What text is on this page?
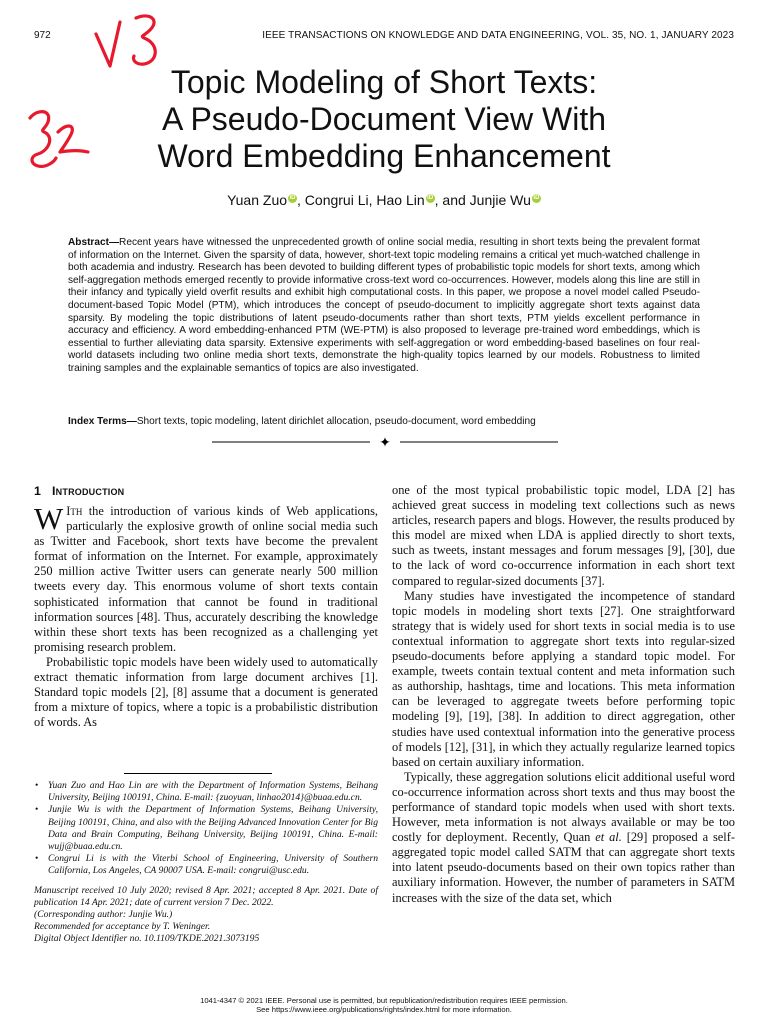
972	IEEE TRANSACTIONS ON KNOWLEDGE AND DATA ENGINEERING, VOL. 35, NO. 1, JANUARY 2023
Topic Modeling of Short Texts:
A Pseudo-Document View With
Word Embedding Enhancement
Yuan Zuo iD , Congrui Li, Hao Lin iD , and Junjie Wu iD

Abstract—Recent years have witnessed the unprecedented growth of online social media, resulting in short texts being the prevalent format of information on the Internet. Given the sparsity of data, however, short-text topic modeling remains a critical yet much-watched challenge in both academia and industry. Research has been devoted to building different types of probabilistic topic models for short texts, among which self-aggregation methods emerged recently to provide informative cross-text word co-occurrences. However, models along this line are still in their infancy and typically yield overfit results and exhibit high computational costs. In this paper, we propose a novel model called Pseudo-document-based Topic Model (PTM), which introduces the concept of pseudo-document to implicitly aggregate short texts against data sparsity. By modeling the topic distributions of latent pseudo-documents rather than short texts, PTM yields excellent performance in accuracy and efficiency. A word embedding-enhanced PTM (WE-PTM) is also proposed to leverage pre-trained word embeddings, which is essential to further alleviating data sparsity. Extensive experiments with self-aggregation or word embedding-based baselines on four real-world datasets including two online media short texts, demonstrate the high-quality topics learned by our models. Robustness to limited training samples and the explainable semantics of topics are also investigated.

Index Terms—Short texts, topic modeling, latent dirichlet allocation, pseudo-document, word embedding

✦
1 Introduction

W Ith the introduction of various kinds of Web applications, particularly the explosive growth of online social media such as Twitter and Facebook, short texts have become the prevalent format of information on the Internet. For example, approximately 250 million active Twitter users can generate nearly 500 million tweets every day. This enormous volume of short texts contain sophisticated information that cannot be found in traditional information sources [48]. Thus, accurately describing the knowledge within these short texts has been recognized as a challenging yet promising research problem.

Probabilistic topic models have been widely used to automatically extract thematic information from large document archives [1]. Standard topic models [2], [8] assume that a document is generated from a mixture of topics, where a topic is a probabilistic distribution of words. As

• Yuan Zuo and Hao Lin are with the Department of Information Systems, Beihang University, Beijing 100191, China. E-mail: {zuoyuan, linhao2014}@buaa.edu.cn.
• Junjie Wu is with the Department of Information Systems, Beihang University, Beijing 100191, China, and also with the Beijing Advanced Innovation Center for Big Data and Brain Computing, Beihang University, Beijing 100191, China. E-mail: wujj@buaa.edu.cn.
• Congrui Li is with the Viterbi School of Engineering, University of Southern California, Los Angeles, CA 90007 USA. E-mail: congrui@usc.edu.
Manuscript received 10 July 2020; revised 8 Apr. 2021; accepted 8 Apr. 2021. Date of publication 14 Apr. 2021; date of current version 7 Dec. 2022.
(Corresponding author: Junjie Wu.)
Recommended for acceptance by T. Weninger.
Digital Object Identifier no. 10.1109/TKDE.2021.3073195

one of the most typical probabilistic topic model, LDA [2] has achieved great success in modeling text collections such as news articles, research papers and blogs. However, the results produced by this model are mixed when LDA is applied directly to short texts, such as tweets, instant messages and forum messages [9], [30], due to the lack of word co-occurrence information in each short text compared to regular-sized documents [37].

Many studies have investigated the incompetence of standard topic models in modeling short texts [27]. One straightforward strategy that is widely used for short texts in social media is to use contextual information to aggregate short texts into regular-sized pseudo-documents before applying a standard topic model. For example, tweets contain textual content and meta information such as authorship, hashtags, time and locations. This meta information can be leveraged to aggregate tweets before performing topic modeling [9], [19], [38]. In addition to direct aggregation, other studies have used contextual information into the generative process of models [12], [31], in which they actually regularize learned topics based on certain auxiliary information.

Typically, these aggregation solutions elicit additional useful word co-occurrence information across short texts and thus may boost the performance of standard topic models when used with short texts. However, meta information is not always available or may be too costly for deployment. Recently, Quan et al. [29] proposed a self-aggregated topic model called SATM that can aggregate short texts into latent pseudo-documents based on their own topics rather than auxiliary information. However, the number of parameters in SATM increases with the size of the data set, which

1041-4347 © 2021 IEEE. Personal use is permitted, but republication/redistribution requires IEEE permission.
See https://www.ieee.org/publications/rights/index.html for more information.
